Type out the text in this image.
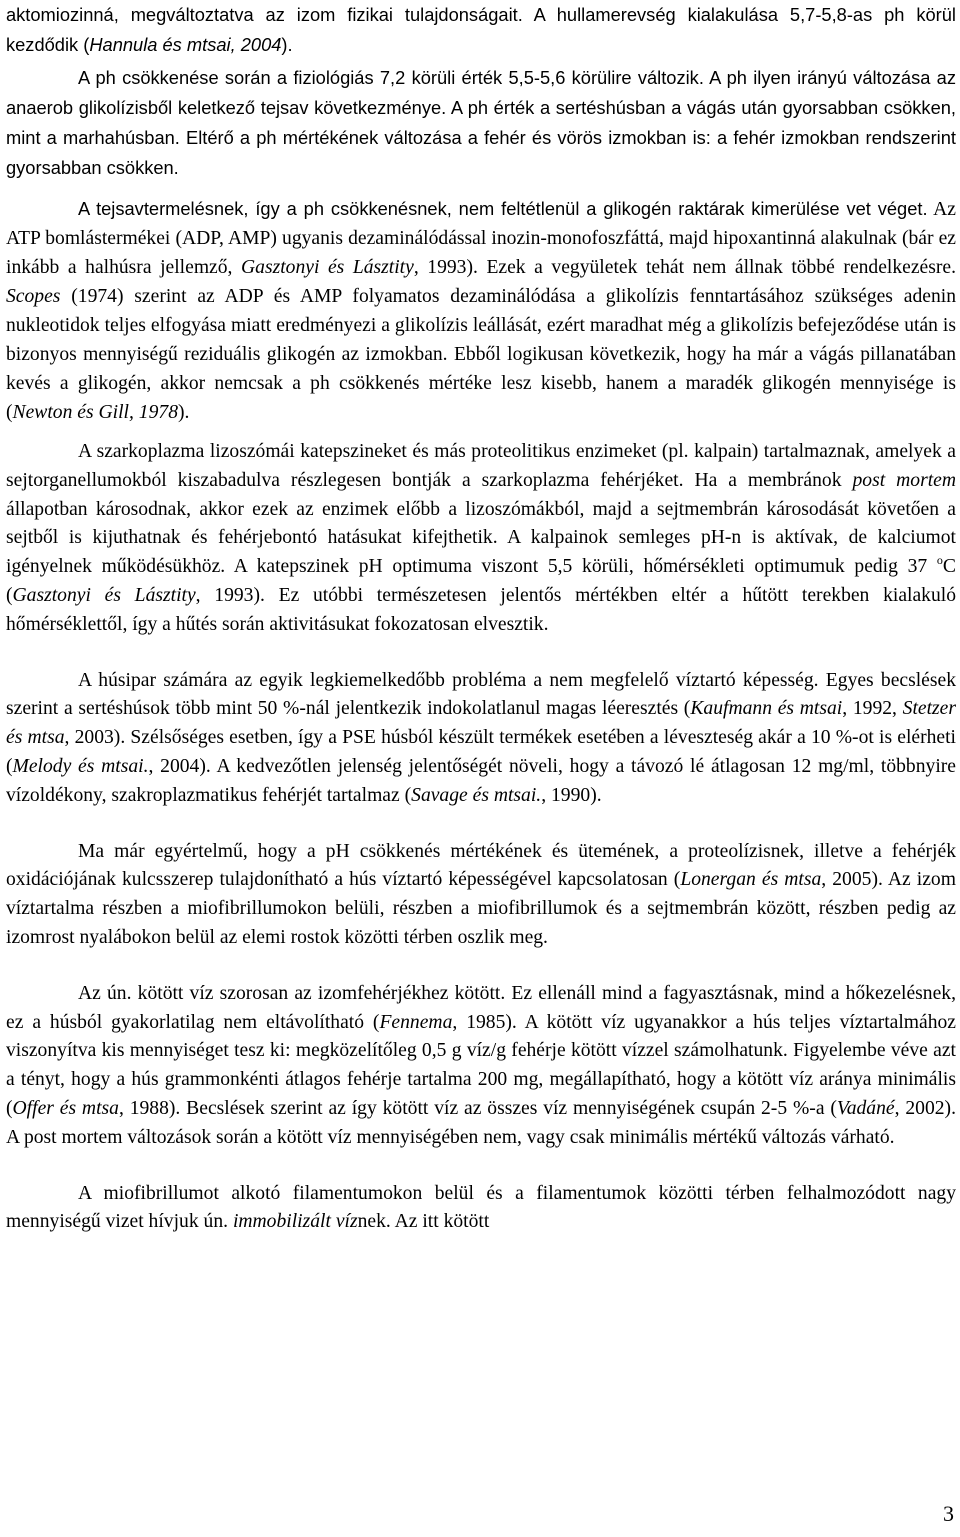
aktomiozinná, megváltoztatva az izom fizikai tulajdonságait. A hullamerevség kialakulása 5,7-5,8-as ph körül kezdődik (Hannula és mtsai, 2004).

A ph csökkenése során a fiziológiás 7,2 körüli érték 5,5-5,6 körülire változik. A ph ilyen irányú változása az anaerob glikolízisből keletkező tejsav következménye. A ph érték a sertéshúsban a vágás után gyorsabban csökken, mint a marhahúsban. Eltérő a ph mértékének változása a fehér és vörös izmokban is: a fehér izmokban rendszerint gyorsabban csökken.

A tejsavtermelésnek, így a ph csökkenésnek, nem feltétlenül a glikogén raktárak kimerülése vet véget. Az ATP bomlástermékei (ADP, AMP) ugyanis dezaminálódással inozin-monofoszfáttá, majd hipoxantinná alakulnak (bár ez inkább a halhúsra jellemző, Gasztonyi és Lásztity, 1993). Ezek a vegyületek tehát nem állnak többé rendelkezésre. Scopes (1974) szerint az ADP és AMP folyamatos dezaminálódása a glikolízis fenntartásához szükséges adenin nukleotidok teljes elfogyása miatt eredményezi a glikolízis leállását, ezért maradhat még a glikolízis befejeződése után is bizonyos mennyiségű reziduális glikogén az izmokban. Ebből logikusan következik, hogy ha már a vágás pillanatában kevés a glikogén, akkor nemcsak a ph csökkenés mértéke lesz kisebb, hanem a maradék glikogén mennyisége is (Newton és Gill, 1978).

A szarkoplazma lizoszómái katepszineket és más proteolitikus enzimeket (pl. kalpain) tartalmaznak, amelyek a sejtorganellumokból kiszabadulva részlegesen bontják a szarkoplazma fehérjéket. Ha a membránok post mortem állapotban károsodnak, akkor ezek az enzimek előbb a lizoszómákból, majd a sejtmembrán károsodását követően a sejtből is kijuthatnak és fehérjebontó hatásukat kifejthetik. A kalpainok semleges pH-n is aktívak, de kalciumot igényelnek működésükhöz. A katepszinek pH optimuma viszont 5,5 körüli, hőmérsékleti optimumuk pedig 37 $^o$C (Gasztonyi és Lásztity, 1993). Ez utóbbi természetesen jelentős mértékben eltér a hűtött terekben kialakuló hőmérséklettől, így a hűtés során aktivitásukat fokozatosan elvesztik.

A húsipar számára az egyik legkiemelkedőbb probléma a nem megfelelő víztartó képesség. Egyes becslések szerint a sertéshúsok több mint 50 %-nál jelentkezik indokolatlanul magas léeresztés (Kaufmann és mtsai, 1992, Stetzer és mtsa, 2003). Szélsőséges esetben, így a PSE húsból készült termékek esetében a léveszteség akár a 10 %-ot is elérheti (Melody és mtsai., 2004). A kedvezőtlen jelenség jelentőségét növeli, hogy a távozó lé átlagosan 12 mg/ml, többnyire vízoldékony, szakroplazmatikus fehérjét tartalmaz (Savage és mtsai., 1990).

Ma már egyértelmű, hogy a pH csökkenés mértékének és ütemének, a proteolízisnek, illetve a fehérjék oxidációjának kulcsszerep tulajdonítható a hús víztartó képességével kapcsolatosan (Lonergan és mtsa, 2005). Az izom víztartalma részben a miofibrillumokon belüli, részben a miofibrillumok és a sejtmembrán között, részben pedig az izomrost nyalábokon belül az elemi rostok közötti térben oszlik meg.

Az ún. kötött víz szorosan az izomfehérjékhez kötött. Ez ellenáll mind a fagyasztásnak, mind a hőkezelésnek, ez a húsból gyakorlatilag nem eltávolítható (Fennema, 1985). A kötött víz ugyanakkor a hús teljes víztartalmához viszonyítva kis mennyiséget tesz ki: megközelítőleg 0,5 g víz/g fehérje kötött vízzel számolhatunk. Figyelembe véve azt a tényt, hogy a hús grammonkénti átlagos fehérje tartalma 200 mg, megállapítható, hogy a kötött víz aránya minimális (Offer és mtsa, 1988). Becslések szerint az így kötött víz az összes víz mennyiségének csupán 2-5 %-a (Vadáné, 2002). A post mortem változások során a kötött víz mennyiségében nem, vagy csak minimális mértékű változás várható.

A miofibrillumot alkotó filamentumokon belül és a filamentumok közötti térben felhalmozódott nagy mennyiségű vizet hívjuk ún. immobilizált víznek. Az itt kötött

3
